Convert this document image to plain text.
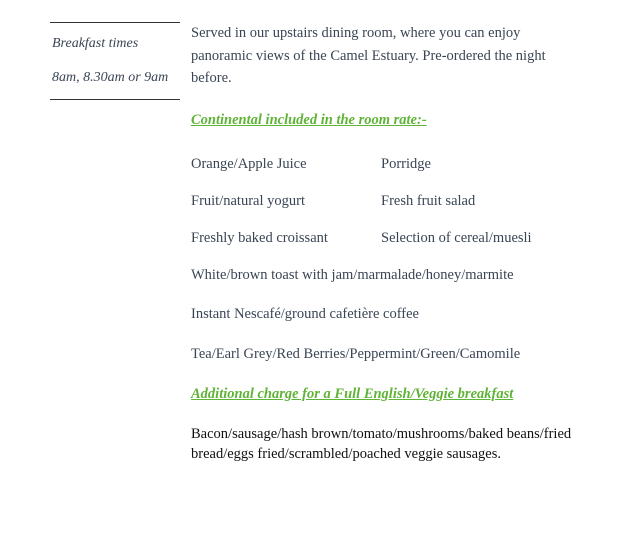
Breakfast times
8am, 8.30am or 9am
Served in our upstairs dining room, where you can enjoy panoramic views of the Camel Estuary. Pre-ordered the night before.
Continental included in the room rate:-
Orange/Apple Juice	Porridge
Fruit/natural yogurt	Fresh fruit salad
Freshly baked croissant	Selection of cereal/muesli
White/brown toast with jam/marmalade/honey/marmite
Instant Nescafé/ground cafetière coffee
Tea/Earl Grey/Red Berries/Peppermint/Green/Camomile
Additional charge for a Full English/Veggie breakfast
Bacon/sausage/hash brown/tomato/mushrooms/baked beans/fried bread/eggs fried/scrambled/poached veggie sausages.
